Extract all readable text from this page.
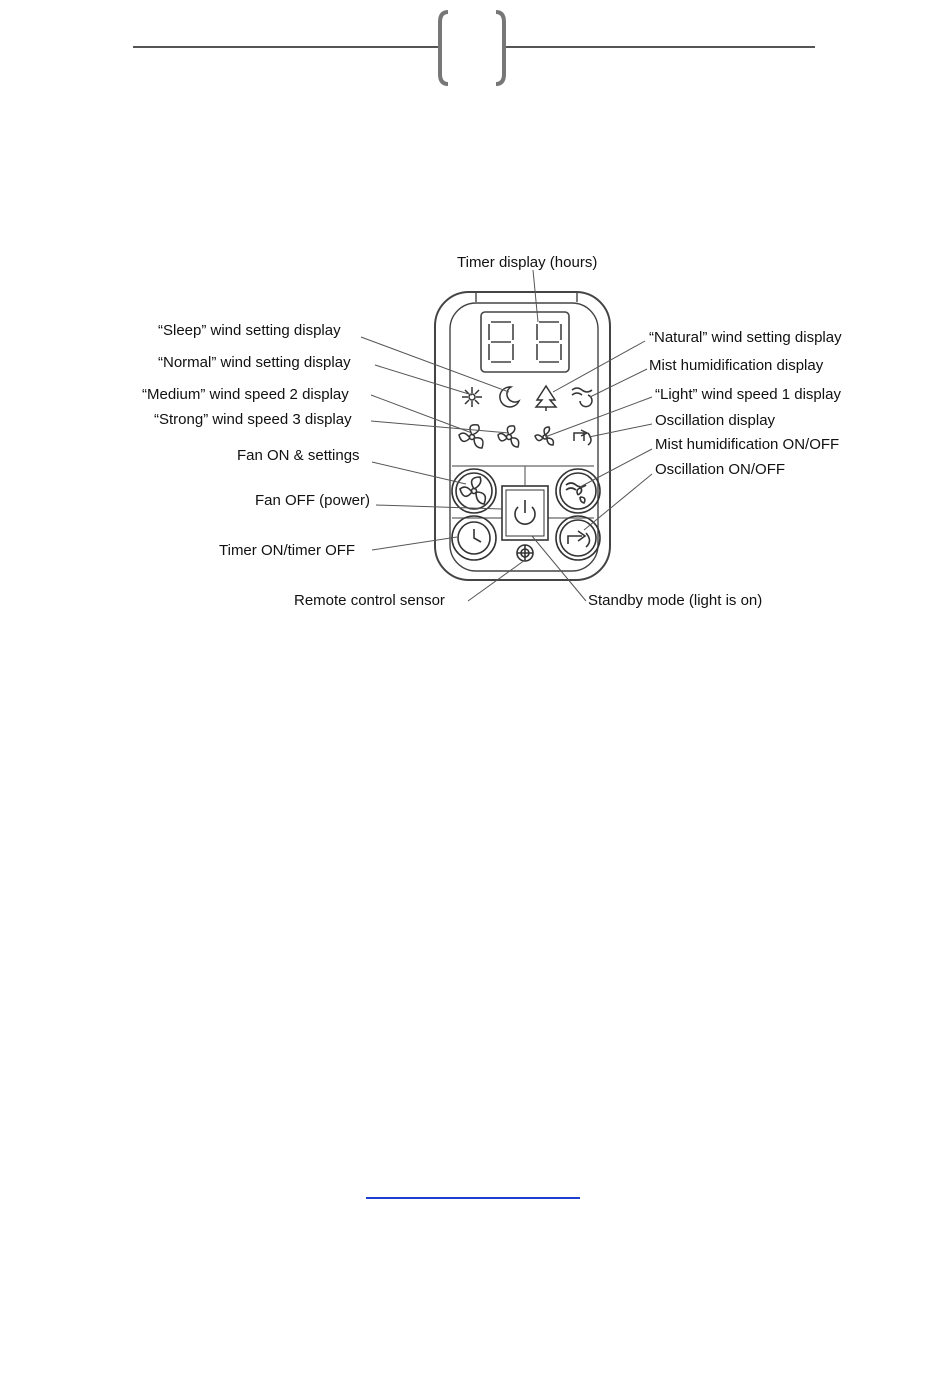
Timer display (hours)
“Sleep” wind setting display
“Normal” wind setting display
“Medium” wind speed 2 display
“Strong” wind speed 3 display
Fan ON & settings
Fan OFF (power)
Timer ON/timer OFF
Remote control sensor
“Natural” wind setting display
Mist humidification display
“Light” wind speed 1 display
Oscillation display
Mist humidification ON/OFF
Oscillation ON/OFF
Standby mode (light is on)
